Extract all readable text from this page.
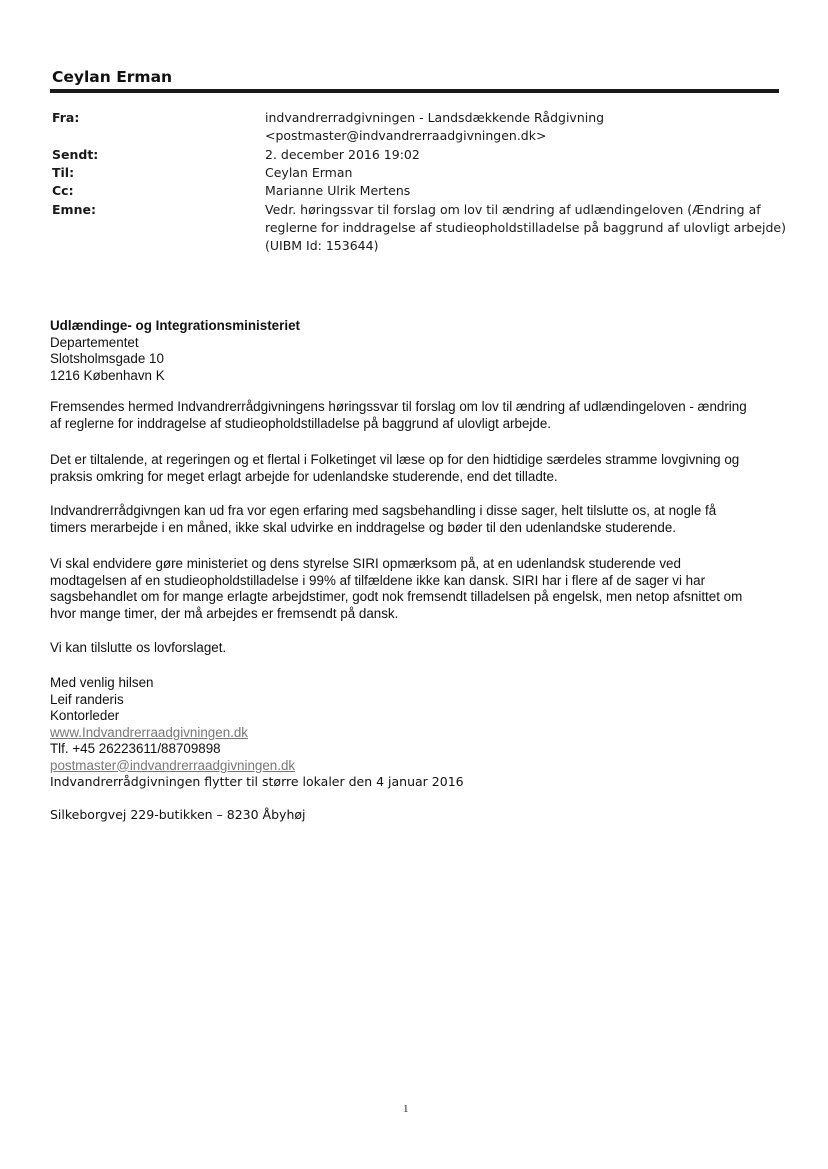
Ceylan Erman
Fra:	indvandrerradgivningen - Landsdækkende Rådgivning
<postmaster@indvandrerraadgivningen.dk>
Sendt:	2. december 2016 19:02
Til:	Ceylan Erman
Cc:	Marianne Ulrik Mertens
Emne:	Vedr. høringssvar til forslag om lov til ændring af udlændingeloven (Ændring af
reglerne for inddragelse af studieopholdstilladelse på baggrund af ulovligt arbejde)
(UIBM Id: 153644)
Udlændinge- og Integrationsministeriet
Departementet
Slotsholmsgade 10
1216 København K
Fremsendes hermed Indvandrerrådgivningens høringssvar til forslag om lov til ændring af udlændingeloven - ændring
af reglerne for inddragelse af studieopholdstilladelse på baggrund af ulovligt arbejde.
Det er tiltalende, at regeringen og et flertal i Folketinget vil læse op for den hidtidige særdeles stramme lovgivning og
praksis omkring for meget erlagt arbejde for udenlandske studerende, end det tilladte.
Indvandrerrådgivngen kan ud fra vor egen erfaring med sagsbehandling i disse sager, helt tilslutte os, at nogle få
timers merarbejde i en måned, ikke skal udvirke en inddragelse og bøder til den udenlandske studerende.
Vi skal endvidere gøre ministeriet og dens styrelse SIRI opmærksom på, at en udenlandsk studerende ved
modtagelsen af en studieopholdstilladelse i 99% af tilfældene ikke kan dansk. SIRI har i flere af de sager vi har
sagsbehandlet om for mange erlagte arbejdstimer, godt nok fremsendt tilladelsen på engelsk, men netop afsnittet om
hvor mange timer, der må arbejdes er fremsendt på dansk.
Vi kan tilslutte os lovforslaget.
Med venlig hilsen
Leif randeris
Kontorleder
www.Indvandrerraadgivningen.dk
Tlf. +45 26223611/88709898
postmaster@indvandrerraadgivningen.dk
Indvandrerrådgivningen flytter til større lokaler den 4 januar 2016
Silkeborgvej 229-butikken – 8230 Åbyhøj
1
